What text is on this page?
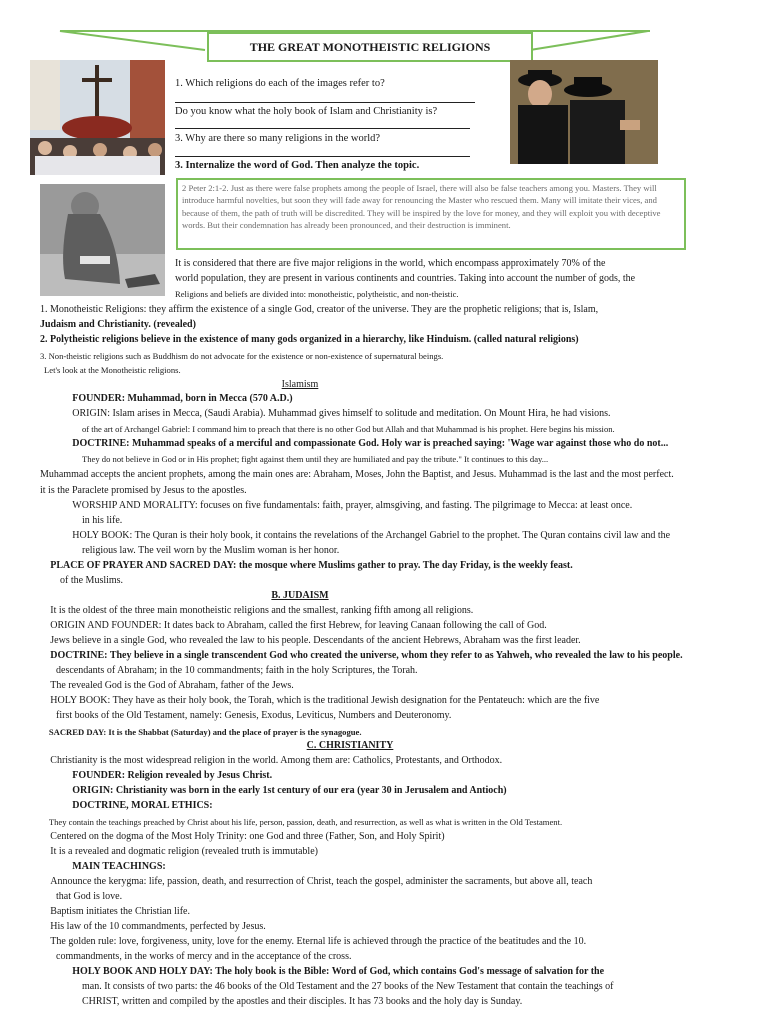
THE GREAT MONOTHEISTIC RELIGIONS
1. Which religions do each of the images refer to?
Do you know what the holy book of Islam and Christianity is?
3. Why are there so many religions in the world?
3. Internalize the word of God. Then analyze the topic.
2 Peter 2:1-2. Just as there were false prophets among the people of Israel, there will also be false teachers among you. Masters. They will introduce harmful novelties, but soon they will fade away for renouncing the Master who rescued them. Many will imitate their vices, and because of them, the path of truth will be discredited. They will be inspired by the love for money, and they will exploit you with deceptive words. But their condemnation has already been pronounced, and their destruction is imminent.
It is considered that there are five major religions in the world, which encompass approximately 70% of the
world population, they are present in various continents and countries. Taking into account the number of gods, the
Religions and beliefs are divided into: monotheistic, polytheistic, and non-theistic.
1. Monotheistic Religions: they affirm the existence of a single God, creator of the universe. They are the prophetic religions; that is, Islam,
Judaism and Christianity. (revealed)
2. Polytheistic religions believe in the existence of many gods organized in a hierarchy, like Hinduism. (called natural religions)
3. Non-theistic religions such as Buddhism do not advocate for the existence or non-existence of supernatural beings.
Let's look at the Monotheistic religions.
Islamism
FOUNDER: Muhammad, born in Mecca (570 A.D.)
ORIGIN: Islam arises in Mecca, (Saudi Arabia). Muhammad gives himself to solitude and meditation. On Mount Hira, he had visions.
of the art of Archangel Gabriel: I command him to preach that there is no other God but Allah and that Muhammad is his prophet. Here begins his mission.
DOCTRINE: Muhammad speaks of a merciful and compassionate God. Holy war is preached saying: 'Wage war against those who do not...
They do not believe in God or in His prophet; fight against them until they are humiliated and pay the tribute." It continues to this day...
Muhammad accepts the ancient prophets, among the main ones are: Abraham, Moses, John the Baptist, and Jesus. Muhammad is the last and the most perfect.
it is the Paraclete promised by Jesus to the apostles.
WORSHIP AND MORALITY: focuses on five fundamentals: faith, prayer, almsgiving, and fasting. The pilgrimage to Mecca: at least once.
in his life.
HOLY BOOK: The Quran is their holy book, it contains the revelations of the Archangel Gabriel to the prophet. The Quran contains civil law and the
religious law. The veil worn by the Muslim woman is her honor.
PLACE OF PRAYER AND SACRED DAY: the mosque where Muslims gather to pray. The day Friday, is the weekly feast.
of the Muslims.
B. JUDAISM
It is the oldest of the three main monotheistic religions and the smallest, ranking fifth among all religions.
ORIGIN AND FOUNDER: It dates back to Abraham, called the first Hebrew, for leaving Canaan following the call of God.
Jews believe in a single God, who revealed the law to his people. Descendants of the ancient Hebrews, Abraham was the first leader.
DOCTRINE: They believe in a single transcendent God who created the universe, whom they refer to as Yahweh, who revealed the law to his people.
descendants of Abraham; in the 10 commandments; faith in the holy Scriptures, the Torah.
The revealed God is the God of Abraham, father of the Jews.
HOLY BOOK: They have as their holy book, the Torah, which is the traditional Jewish designation for the Pentateuch: which are the five
first books of the Old Testament, namely: Genesis, Exodus, Leviticus, Numbers and Deuteronomy.
SACRED DAY: It is the Shabbat (Saturday) and the place of prayer is the synagogue.
C. CHRISTIANITY
Christianity is the most widespread religion in the world. Among them are: Catholics, Protestants, and Orthodox.
FOUNDER: Religion revealed by Jesus Christ.
ORIGIN: Christianity was born in the early 1st century of our era (year 30 in Jerusalem and Antioch)
DOCTRINE, MORAL ETHICS:
They contain the teachings preached by Christ about his life, person, passion, death, and resurrection, as well as what is written in the Old Testament.
Centered on the dogma of the Most Holy Trinity: one God and three (Father, Son, and Holy Spirit)
It is a revealed and dogmatic religion (revealed truth is immutable)
MAIN TEACHINGS:
Announce the kerygma: life, passion, death, and resurrection of Christ, teach the gospel, administer the sacraments, but above all, teach
that God is love.
Baptism initiates the Christian life.
His law of the 10 commandments, perfected by Jesus.
The golden rule: love, forgiveness, unity, love for the enemy. Eternal life is achieved through the practice of the beatitudes and the 10.
commandments, in the works of mercy and in the acceptance of the cross.
HOLY BOOK AND HOLY DAY: The holy book is the Bible: Word of God, which contains God's message of salvation for the
man. It consists of two parts: the 46 books of the Old Testament and the 27 books of the New Testament that contain the teachings of
CHRIST, written and compiled by the apostles and their disciples. It has 73 books and the holy day is Sunday.
